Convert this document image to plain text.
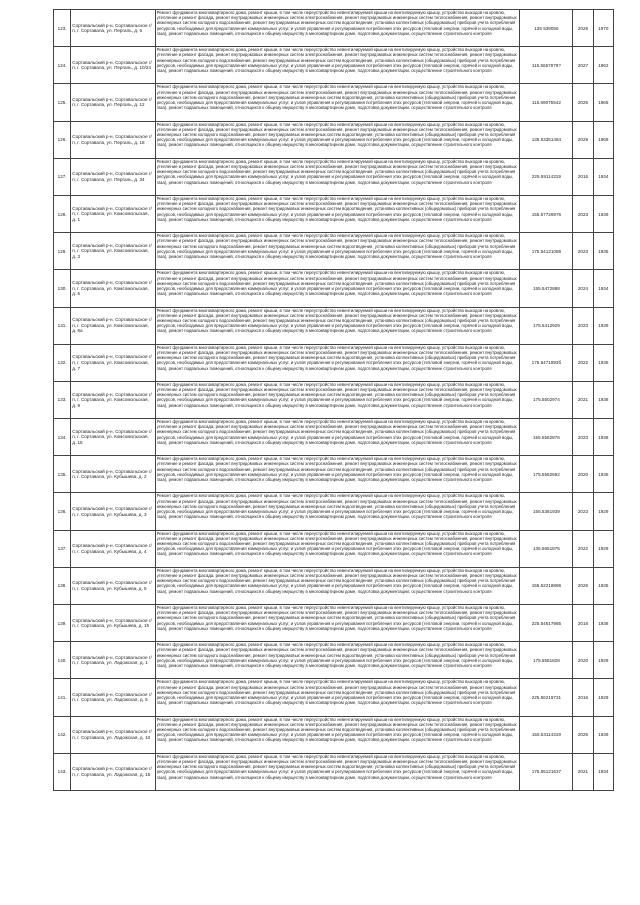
123.	Сортавальский р-н, Сортавальское г/п, г. Сортавала, ул. Пергаль, д. 6	Ремонт фундамента многоквартирного дома, ремонт крыши, в том числе переустройство невентилируемой крыши на вентилируемую крышу, устройство выходов на кровлю, утепление и ремонт фасада, ремонт внутридомовых инженерных систем электроснабжения, ремонт внутридомовых инженерных систем теплоснабжения, ремонт внутридомовых инженерных систем холодного водоснабжения, ремонт внутридомовых инженерных систем водоотведения, установка коллективных (общедомовых) приборов учета потребления ресурсов, необходимых для предоставления коммунальных услуг, и узлов управления и регулирования потребления этих ресурсов (тепловой энергии, горячей и холодной воды, газа), ремонт подвальных помещений, относящихся к общему имуществу в многоквартирном доме, подготовка документации, осуществление строительного контроля	135 539055	2026	1970
124.	Сортавальский р-н, Сортавальское г/п, г. Сортавала, ул. Пергаль, д. 10/24	Ремонт фундамента многоквартирного дома, ремонт крыши, в том числе переустройство невентилируемой крыши на вентилируемую крышу, устройство выходов на кровлю, утепление и ремонт фасада, ремонт внутридомовых инженерных систем электроснабжения, ремонт внутридомовых инженерных систем теплоснабжения, ремонт внутридомовых инженерных систем холодного водоснабжения, ремонт внутридомовых инженерных систем водоотведения, установка коллективных (общедомовых) приборов учета потребления ресурсов, необходимых для предоставления коммунальных услуг, и узлов управления и регулирования потребления этих ресурсов (тепловой энергии, горячей и холодной воды, газа), ремонт подвальных помещений, относящихся к общему имуществу в многоквартирном доме, подготовка документации, осуществление строительного контроля	115.5657879?	2027	1962
125.	Сортавальский р-н, Сортавальское г/п, г. Сортавала, ул. Пергаль, д. 12	Ремонт фундамента многоквартирного дома, ремонт крыши, в том числе переустройство невентилируемой крыши на вентилируемую крышу, устройство выходов на кровлю, утепление и ремонт фасада, ремонт внутридомовых инженерных систем электроснабжения, ремонт внутридомовых инженерных систем теплоснабжения, ремонт внутридомовых инженерных систем холодного водоснабжения, ремонт внутридомовых инженерных систем водоотведения, установка коллективных (общедомовых) приборов учета потребления ресурсов, необходимых для предоставления коммунальных услуг, и узлов управления и регулирования потребления этих ресурсов (тепловой энергии, горячей и холодной воды, газа), ремонт подвальных помещений, относящихся к общему имуществу в многоквартирном доме, подготовка документации, осуществление строительного контроля	115.59075542	2026	1965
126.	Сортавальский р-н, Сортавальское г/п, г. Сортавала, ул. Пергаль, д. 18	Ремонт фундамента многоквартирного дома, ремонт крыши, в том числе переустройство невентилируемой крыши на вентилируемую крышу, устройство выходов на кровлю, утепление и ремонт фасада, ремонт внутридомовых инженерных систем электроснабжения, ремонт внутридомовых инженерных систем теплоснабжения, ремонт внутридомовых инженерных систем холодного водоснабжения, ремонт внутридомовых инженерных систем водоотведения, установка коллективных (общедомовых) приборов учета потребления ресурсов, необходимых для предоставления коммунальных услуг, и узлов управления и регулирования потребления этих ресурсов (тепловой энергии, горячей и холодной воды, газа), ремонт подвальных помещений, относящихся к общему имуществу в многоквартирном доме, подготовка документации, осуществление строительного контроля	135.53351484	2029	1969
127.	Сортавальский р-н, Сортавальское г/п, г. Сортавала, ул. Пергаль, д. 34	Ремонт фундамента многоквартирного дома, ремонт крыши, в том числе переустройство невентилируемой крыши на вентилируемую крышу, устройство выходов на кровлю, утепление и ремонт фасада, ремонт внутридомовых инженерных систем электроснабжения, ремонт внутридомовых инженерных систем теплоснабжения, ремонт внутридомовых инженерных систем холодного водоснабжения, ремонт внутридомовых инженерных систем водоотведения, установка коллективных (общедомовых) приборов учета потребления ресурсов, необходимых для предоставления коммунальных услуг, и узлов управления и регулирования потребления этих ресурсов (тепловой энергии, горячей и холодной воды, газа), ремонт подвальных помещений, относящихся к общему имуществу в многоквартирном доме, подготовка документации, осуществление строительного контроля	225.59114319	2016	1934
128.	Сортавальский р-н, Сортавальское г/п, г. Сортавала, ул. Комсомольская, д. 1	Ремонт фундамента многоквартирного дома, ремонт крыши, в том числе переустройство невентилируемой крыши на вентилируемую крышу, устройство выходов на кровлю, утепление и ремонт фасада, ремонт внутридомовых инженерных систем электроснабжения, ремонт внутридомовых инженерных систем теплоснабжения, ремонт внутридомовых инженерных систем холодного водоснабжения, ремонт внутридомовых инженерных систем водоотведения, установка коллективных (общедомовых) приборов учета потребления ресурсов, необходимых для предоставления коммунальных услуг, и узлов управления и регулирования потребления этих ресурсов (тепловой энергии, горячей и холодной воды, газа), ремонт подвальных помещений, относящихся к общему имуществу в многоквартирном доме, подготовка документации, осуществление строительного контроля	155.57726976	2023	1939
129.	Сортавальский р-н, Сортавальское г/п, г. Сортавала, ул. Комсомольская, д. 3	Ремонт фундамента многоквартирного дома, ремонт крыши, в том числе переустройство невентилируемой крыши на вентилируемую крышу, устройство выходов на кровлю, утепление и ремонт фасада, ремонт внутридомовых инженерных систем электроснабжения, ремонт внутридомовых инженерных систем теплоснабжения, ремонт внутридомовых инженерных систем холодного водоснабжения, ремонт внутридомовых инженерных систем водоотведения, установка коллективных (общедомовых) приборов учета потребления ресурсов, необходимых для предоставления коммунальных услуг, и узлов управления и регулирования потребления этих ресурсов (тепловой энергии, горячей и холодной воды, газа), ремонт подвальных помещений, относящихся к общему имуществу в многоквартирном доме, подготовка документации, осуществление строительного контроля	175.54121088	2023	1935
130.	Сортавальский р-н, Сортавальское г/п, г. Сортавала, ул. Комсомольская, д. 5	Ремонт фундамента многоквартирного дома, ремонт крыши, в том числе переустройство невентилируемой крыши на вентилируемую крышу, устройство выходов на кровлю, утепление и ремонт фасада, ремонт внутридомовых инженерных систем электроснабжения, ремонт внутридомовых инженерных систем теплоснабжения, ремонт внутридомовых инженерных систем холодного водоснабжения, ремонт внутридомовых инженерных систем водоотведения, установка коллективных (общедомовых) приборов учета потребления ресурсов, необходимых для предоставления коммунальных услуг, и узлов управления и регулирования потребления этих ресурсов (тепловой энергии, горячей и холодной воды, газа), ремонт подвальных помещений, относящихся к общему имуществу в многоквартирном доме, подготовка документации, осуществление строительного контроля	155.5472888	2024	1934
131.	Сортавальский р-н, Сортавальское г/п, г. Сортавала, ул. Комсомольская, д. 6а	Ремонт фундамента многоквартирного дома, ремонт крыши, в том числе переустройство невентилируемой крыши на вентилируемую крышу, устройство выходов на кровлю, утепление и ремонт фасада, ремонт внутридомовых инженерных систем электроснабжения, ремонт внутридомовых инженерных систем теплоснабжения, ремонт внутридомовых инженерных систем холодного водоснабжения, ремонт внутридомовых инженерных систем водоотведения, установка коллективных (общедомовых) приборов учета потребления ресурсов, необходимых для предоставления коммунальных услуг, и узлов управления и регулирования потребления этих ресурсов (тепловой энергии, горячей и холодной воды, газа), ремонт подвальных помещений, относящихся к общему имуществу в многоквартирном доме, подготовка документации, осуществление строительного контроля	175.5412929	2023	1939
132.	Сортавальский р-н, Сортавальское г/п, г. Сортавала, ул. Комсомольская, д. 7	Ремонт фундамента многоквартирного дома, ремонт крыши, в том числе переустройство невентилируемой крыши на вентилируемую крышу, устройство выходов на кровлю, утепление и ремонт фасада, ремонт внутридомовых инженерных систем электроснабжения, ремонт внутридомовых инженерных систем теплоснабжения, ремонт внутридомовых инженерных систем холодного водоснабжения, ремонт внутридомовых инженерных систем водоотведения, установка коллективных (общедомовых) приборов учета потребления ресурсов, необходимых для предоставления коммунальных услуг, и узлов управления и регулирования потребления этих ресурсов (тепловой энергии, горячей и холодной воды, газа), ремонт подвальных помещений, относящихся к общему имуществу в многоквартирном доме, подготовка документации, осуществление строительного контроля	175.5471893б	2022	1935
133.	Сортавальский р-н, Сортавальское г/п, г. Сортавала, ул. Комсомольская, д. 9	Ремонт фундамента многоквартирного дома, ремонт крыши, в том числе переустройство невентилируемой крыши на вентилируемую крышу, устройство выходов на кровлю, утепление и ремонт фасада, ремонт внутридомовых инженерных систем электроснабжения, ремонт внутридомовых инженерных систем теплоснабжения, ремонт внутридомовых инженерных систем холодного водоснабжения, ремонт внутридомовых инженерных систем водоотведения, установка коллективных (общедомовых) приборов учета потребления ресурсов, необходимых для предоставления коммунальных услуг, и узлов управления и регулирования потребления этих ресурсов (тепловой энергии, горячей и холодной воды, газа), ремонт подвальных помещений, относящихся к общему имуществу в многоквартирном доме, подготовка документации, осуществление строительного контроля	175.5502974	2021	1938
134.	Сортавальский р-н, Сортавальское г/п, г. Сортавала, ул. Комсомольская, д. 15	Ремонт фундамента многоквартирного дома, ремонт крыши, в том числе переустройство невентилируемой крыши на вентилируемую крышу, устройство выходов на кровлю, утепление и ремонт фасада, ремонт внутридомовых инженерных систем электроснабжения, ремонт внутридомовых инженерных систем теплоснабжения, ремонт внутридомовых инженерных систем холодного водоснабжения, ремонт внутридомовых инженерных систем водоотведения, установка коллективных (общедомовых) приборов учета потребления ресурсов, необходимых для предоставления коммунальных услуг, и узлов управления и регулирования потребления этих ресурсов (тепловой энергии, горячей и холодной воды, газа), ремонт подвальных помещений, относящихся к общему имуществу в многоквартирном доме, подготовка документации, осуществление строительного контроля	155.5582876	2023	1938
135.	Сортавальский р-н, Сортавальское г/п, г. Сортавала, ул. Кубышева, д. 2	Ремонт фундамента многоквартирного дома, ремонт крыши, в том числе переустройство невентилируемой крыши на вентилируемую крышу, устройство выходов на кровлю, утепление и ремонт фасада, ремонт внутридомовых инженерных систем электроснабжения, ремонт внутридомовых инженерных систем теплоснабжения, ремонт внутридомовых инженерных систем холодного водоснабжения, ремонт внутридомовых инженерных систем водоотведения, установка коллективных (общедомовых) приборов учета потребления ресурсов, необходимых для предоставления коммунальных услуг, и узлов управления и регулирования потребления этих ресурсов (тепловой энергии, горячей и холодной воды, газа), ремонт подвальных помещений, относящихся к общему имуществу в многоквартирном доме, подготовка документации, осуществление строительного контроля	175.5582692	2020	1935
136.	Сортавальский р-н, Сортавальское г/п, г. Сортавала, ул. Кубышева, д. 3	Ремонт фундамента многоквартирного дома, ремонт крыши, в том числе переустройство невентилируемой крыши на вентилируемую крышу, устройство выходов на кровлю, утепление и ремонт фасада, ремонт внутридомовых инженерных систем электроснабжения, ремонт внутридомовых инженерных систем теплоснабжения, ремонт внутридомовых инженерных систем холодного водоснабжения, ремонт внутридомовых инженерных систем водоотведения, установка коллективных (общедомовых) приборов учета потребления ресурсов, необходимых для предоставления коммунальных услуг, и узлов управления и регулирования потребления этих ресурсов (тепловой энергии, горячей и холодной воды, газа), ремонт подвальных помещений, относящихся к общему имуществу в многоквартирном доме, подготовка документации, осуществление строительного контроля	155.5361939	2023	1929
137.	Сортавальский р-н, Сортавальское г/п, г. Сортавала, ул. Кубышева, д. 4	Ремонт фундамента многоквартирного дома, ремонт крыши, в том числе переустройство невентилируемой крыши на вентилируемую крышу, устройство выходов на кровлю, утепление и ремонт фасада, ремонт внутридомовых инженерных систем электроснабжения, ремонт внутридомовых инженерных систем теплоснабжения, ремонт внутридомовых инженерных систем холодного водоснабжения, ремонт внутридомовых инженерных систем водоотведения, установка коллективных (общедомовых) приборов учета потребления ресурсов, необходимых для предоставления коммунальных услуг, и узлов управления и регулирования потребления этих ресурсов (тепловой энергии, горячей и холодной воды, газа), ремонт подвальных помещений, относящихся к общему имуществу в многоквартирном доме, подготовка документации, осуществление строительного контроля	135.5651875	2022	1929
138.	Сортавальский р-н, Сортавальское г/п, г. Сортавала, ул. Кубышева, д. 5	Ремонт фундамента многоквартирного дома, ремонт крыши, в том числе переустройство невентилируемой крыши на вентилируемую крышу, устройство выходов на кровлю, утепление и ремонт фасада, ремонт внутридомовых инженерных систем электроснабжения, ремонт внутридомовых инженерных систем теплоснабжения, ремонт внутридомовых инженерных систем холодного водоснабжения, ремонт внутридомовых инженерных систем водоотведения, установка коллективных (общедомовых) приборов учета потребления ресурсов, необходимых для предоставления коммунальных услуг, и узлов управления и регулирования потребления этих ресурсов (тепловой энергии, горячей и холодной воды, газа), ремонт подвальных помещений, относящихся к общему имуществу в многоквартирном доме, подготовка документации, осуществление строительного контроля	155.52218896	2026	1935
139.	Сортавальский р-н, Сортавальское г/п, г. Сортавала, ул. Кубышева, д. 15	Ремонт фундамента многоквартирного дома, ремонт крыши, в том числе переустройство невентилируемой крыши на вентилируемую крышу, устройство выходов на кровлю, утепление и ремонт фасада, ремонт внутридомовых инженерных систем электроснабжения, ремонт внутридомовых инженерных систем теплоснабжения, ремонт внутридомовых инженерных систем холодного водоснабжения, ремонт внутридомовых инженерных систем водоотведения, установка коллективных (общедомовых) приборов учета потребления ресурсов, необходимых для предоставления коммунальных услуг, и узлов управления и регулирования потребления этих ресурсов (тепловой энергии, горячей и холодной воды, газа), ремонт подвальных помещений, относящихся к общему имуществу в многоквартирном доме, подготовка документации, осуществление строительного контроля	225.54617985	2018	1938
140.	Сортавальский р-н, Сортавальское г/п, г. Сортавала, ул. Ладожская, д. 1	Ремонт фундамента многоквартирного дома, ремонт крыши, в том числе переустройство невентилируемой крыши на вентилируемую крышу, устройство выходов на кровлю, утепление и ремонт фасада, ремонт внутридомовых инженерных систем электроснабжения, ремонт внутридомовых инженерных систем теплоснабжения, ремонт внутридомовых инженерных систем холодного водоснабжения, ремонт внутридомовых инженерных систем водоотведения, установка коллективных (общедомовых) приборов учета потребления ресурсов, необходимых для предоставления коммунальных услуг, и узлов управления и регулирования потребления этих ресурсов (тепловой энергии, горячей и холодной воды, газа), ремонт подвальных помещений, относящихся к общему имуществу в многоквартирном доме, подготовка документации, осуществление строительного контроля	175.5581828	2020	1929
141.	Сортавальский р-н, Сортавальское г/п, г. Сортавала, ул. Ладожская, д. 5	Ремонт фундамента многоквартирного дома, ремонт крыши, в том числе переустройство невентилируемой крыши на вентилируемую крышу, устройство выходов на кровлю, утепление и ремонт фасада, ремонт внутридомовых инженерных систем электроснабжения, ремонт внутридомовых инженерных систем теплоснабжения, ремонт внутридомовых инженерных систем холодного водоснабжения, ремонт внутридомовых инженерных систем водоотведения, установка коллективных (общедомовых) приборов учета потребления ресурсов, необходимых для предоставления коммунальных услуг, и узлов управления и регулирования потребления этих ресурсов (тепловой энергии, горячей и холодной воды, газа), ремонт подвальных помещений, относящихся к общему имуществу в многоквартирном доме, подготовка документации, осуществление строительного контроля	225.56219731	2016	1929
142.	Сортавальский р-н, Сортавальское г/п, г. Сортавала, ул. Ладожская, д. 10	Ремонт фундамента многоквартирного дома, ремонт крыши, в том числе переустройство невентилируемой крыши на вентилируемую крышу, устройство выходов на кровлю, утепление и ремонт фасада, ремонт внутридомовых инженерных систем электроснабжения, ремонт внутридомовых инженерных систем теплоснабжения, ремонт внутридомовых инженерных систем холодного водоснабжения, ремонт внутридомовых инженерных систем водоотведения, установка коллективных (общедомовых) приборов учета потребления ресурсов, необходимых для предоставления коммунальных услуг, и узлов управления и регулирования потребления этих ресурсов (тепловой энергии, горячей и холодной воды, газа), ремонт подвальных помещений, относящихся к общему имуществу в многоквартирном доме, подготовка документации, осуществление строительного контроля	155.53114319	2026	1939
143.	Сортавальский р-н, Сортавальское г/п, г. Сортавала, ул. Ладожская, д. 15	Ремонт фундамента многоквартирного дома, ремонт крыши, в том числе переустройство невентилируемой крыши на вентилируемую крышу, устройство выходов на кровлю, утепление и ремонт фасада, ремонт внутридомовых инженерных систем электроснабжения, ремонт внутридомовых инженерных систем теплоснабжения, ремонт внутридомовых инженерных систем холодного водоснабжения, ремонт внутридомовых инженерных систем водоотведения, установка коллективных (общедомовых) приборов учета потребления ресурсов, необходимых для предоставления коммунальных услуг, и узлов управления и регулирования потребления этих ресурсов (тепловой энергии, горячей и холодной воды, газа), ремонт подвальных помещений, относящихся к общему имуществу в многоквартирном доме, подготовка документации, осуществление строительного контроля	175.55121637	2021	1934
